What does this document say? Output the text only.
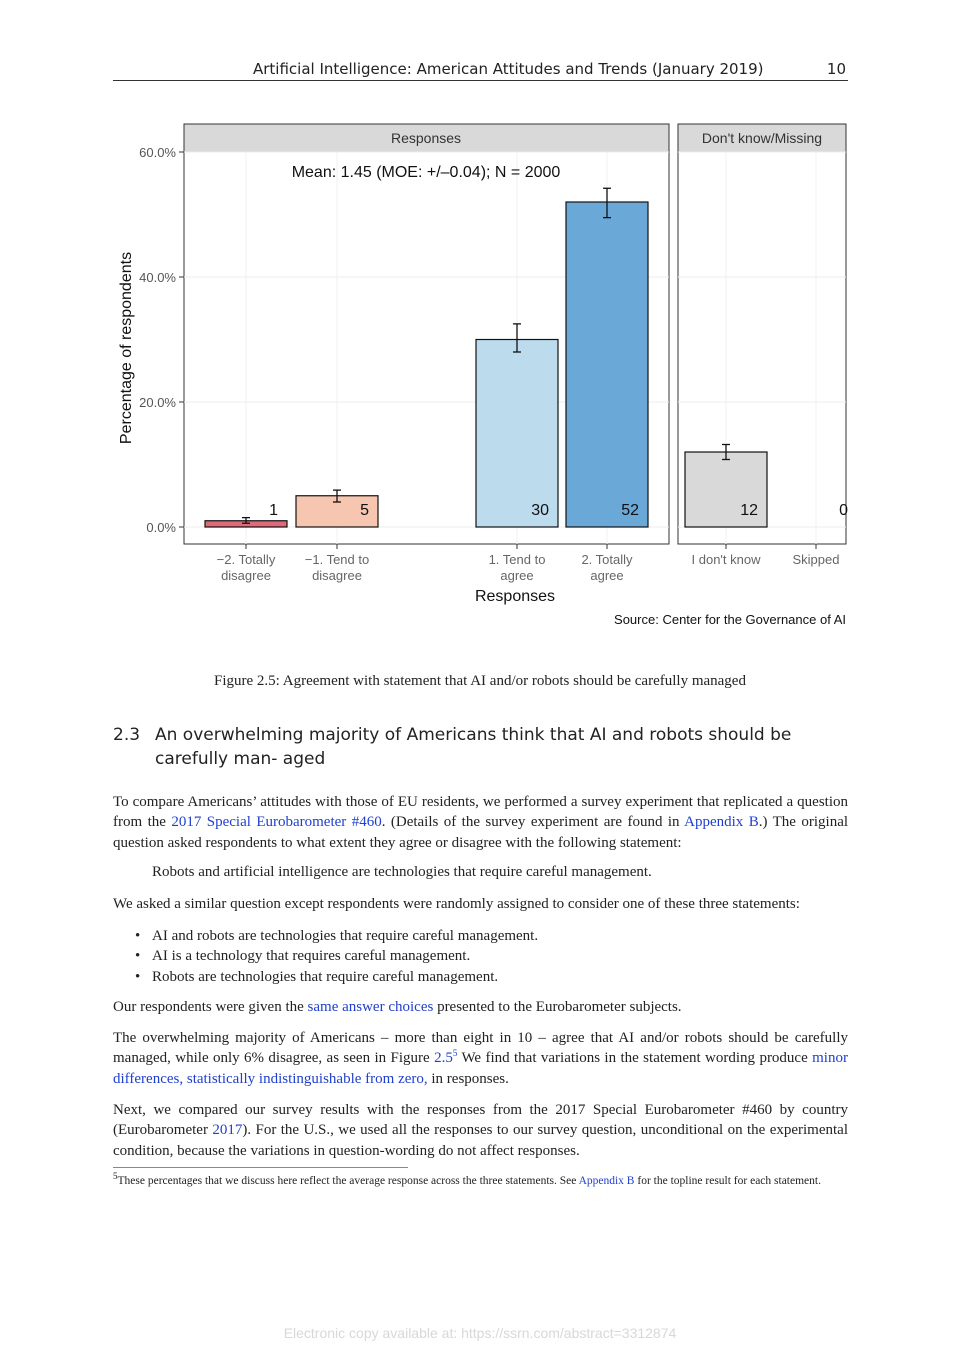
Artificial Intelligence: American Attitudes and Trends (January 2019)	10
Responses	Don't know/Missing
0.0%
20.0%
40.0%
60.0%
Percentage of respondents
Mean: 1.45 (MOE: +/–0.04); N = 2000
1	5	30	52	12	0
−2. Totally
disagree
−1. Tend to
disagree
1. Tend to
agree
2. Totally
agree
I don't know Skipped
Responses
Source: Center for the Governance of AI
Figure 2.5: Agreement with statement that AI and/or robots should be carefully managed
2.3 An overwhelming majority of Americans think that AI and robots should be carefully man- aged

To compare Americans’ attitudes with those of EU residents, we performed a survey experiment that replicated a question from the 2017 Special Eurobarometer #460. (Details of the survey experiment are found in Appendix B.) The original question asked respondents to what extent they agree or disagree with the following statement:

Robots and artificial intelligence are technologies that require careful management.

We asked a similar question except respondents were randomly assigned to consider one of these three statements:

• AI and robots are technologies that require careful management.
• AI is a technology that requires careful management.
• Robots are technologies that require careful management.

Our respondents were given the same answer choices presented to the Eurobarometer subjects.

The overwhelming majority of Americans – more than eight in 10 – agree that AI and/or robots should be carefully managed, while only 6% disagree, as seen in Figure 2.5$^5$ We find that variations in the statement wording produce minor differences, statistically indistinguishable from zero, in responses.

Next, we compared our survey results with the responses from the 2017 Special Eurobarometer #460 by country (Eurobarometer 2017). For the U.S., we used all the responses to our survey question, unconditional on the experimental condition, because the variations in question-wording do not affect responses.

$^5$These percentages that we discuss here reflect the average response across the three statements. See Appendix B for the topline result for each statement.
Electronic copy available at: https://ssrn.com/abstract=3312874
